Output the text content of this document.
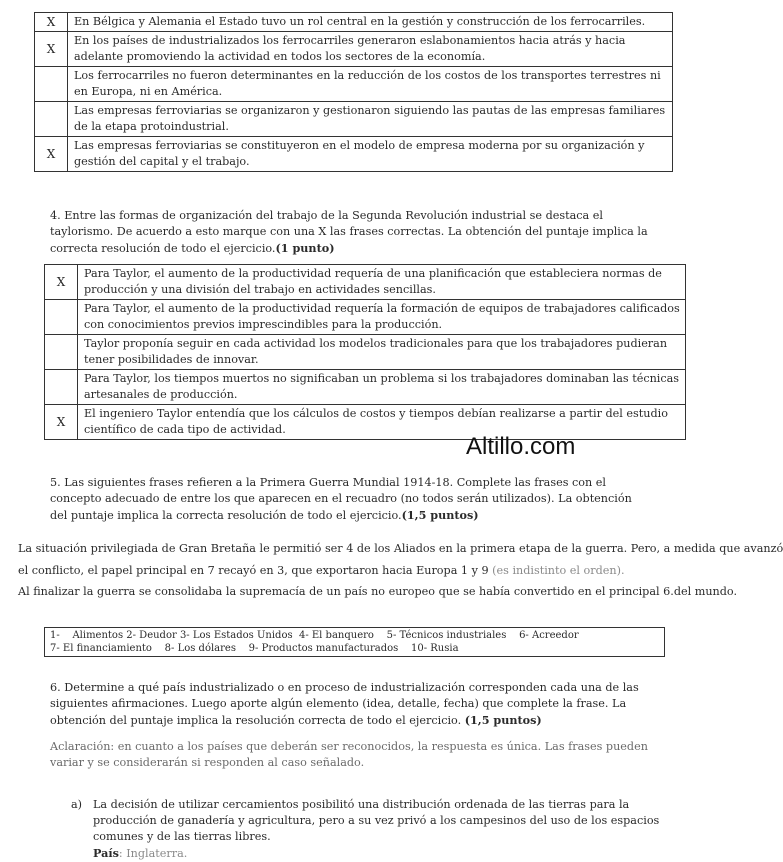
X	En Bélgica y Alemania el Estado tuvo un rol central en la gestión y construcción de los ferrocarriles.
X	En los países de industrializados los ferrocarriles generaron eslabonamientos hacia atrás y hacia adelante promoviendo la actividad en todos los sectores de la economía.
	Los ferrocarriles no fueron determinantes en la reducción de los costos de los transportes terrestres ni en Europa, ni en América.
	Las empresas ferroviarias se organizaron y gestionaron siguiendo las pautas de las empresas familiares de la etapa protoindustrial.
X	Las empresas ferroviarias se constituyeron en el modelo de empresa moderna por su organización y gestión del capital y el trabajo.
4. Entre las formas de organización del trabajo de la Segunda Revolución industrial se destaca el taylorismo. De acuerdo a esto marque con una X las frases correctas. La obtención del puntaje implica la correcta resolución de todo el ejercicio.(1 punto)
X	Para Taylor, el aumento de la productividad requería de una planificación que estableciera normas de producción y una división del trabajo en actividades sencillas.
	Para Taylor, el aumento de la productividad requería la formación de equipos de trabajadores calificados con conocimientos previos imprescindibles para la producción.
	Taylor proponía seguir en cada actividad los modelos tradicionales para que los trabajadores pudieran tener posibilidades de innovar.
	Para Taylor, los tiempos muertos no significaban un problema si los trabajadores dominaban las técnicas artesanales de producción.
X	El ingeniero Taylor entendía que los cálculos de costos y tiempos debían realizarse a partir del estudio científico de cada tipo de actividad.
Altillo.com
5. Las siguientes frases refieren a la Primera Guerra Mundial 1914-18. Complete las frases con el concepto adecuado de entre los que aparecen en el recuadro (no todos serán utilizados). La obtención del puntaje implica la correcta resolución de todo el ejercicio.(1,5 puntos)
La situación privilegiada de Gran Bretaña le permitió ser 4 de los Aliados en la primera etapa de la guerra. Pero, a medida que avanzó
el conflicto, el papel principal en 7 recayó en 3, que exportaron hacia Europa 1 y 9 (es indistinto el orden).
Al finalizar la guerra se consolidaba la supremacía de un país no europeo que se había convertido en el principal 6.del mundo.
1-    Alimentos 2- Deudor 3- Los Estados Unidos  4- El banquero    5- Técnicos industriales    6- Acreedor
7- El financiamiento    8- Los dólares    9- Productos manufacturados    10- Rusia
6. Determine a qué país industrializado o en proceso de industrialización corresponden cada una de las siguientes afirmaciones. Luego aporte algún elemento (idea, detalle, fecha) que complete la frase. La obtención del puntaje implica la resolución correcta de todo el ejercicio. (1,5 puntos)
Aclaración: en cuanto a los países que deberán ser reconocidos, la respuesta es única. Las frases pueden variar y se considerarán si responden al caso señalado.
a) La decisión de utilizar cercamientos posibilitó una distribución ordenada de las tierras para la producción de ganadería y agricultura, pero a su vez privó a los campesinos del uso de los espacios comunes y de las tierras libres.
País: Inglaterra.
